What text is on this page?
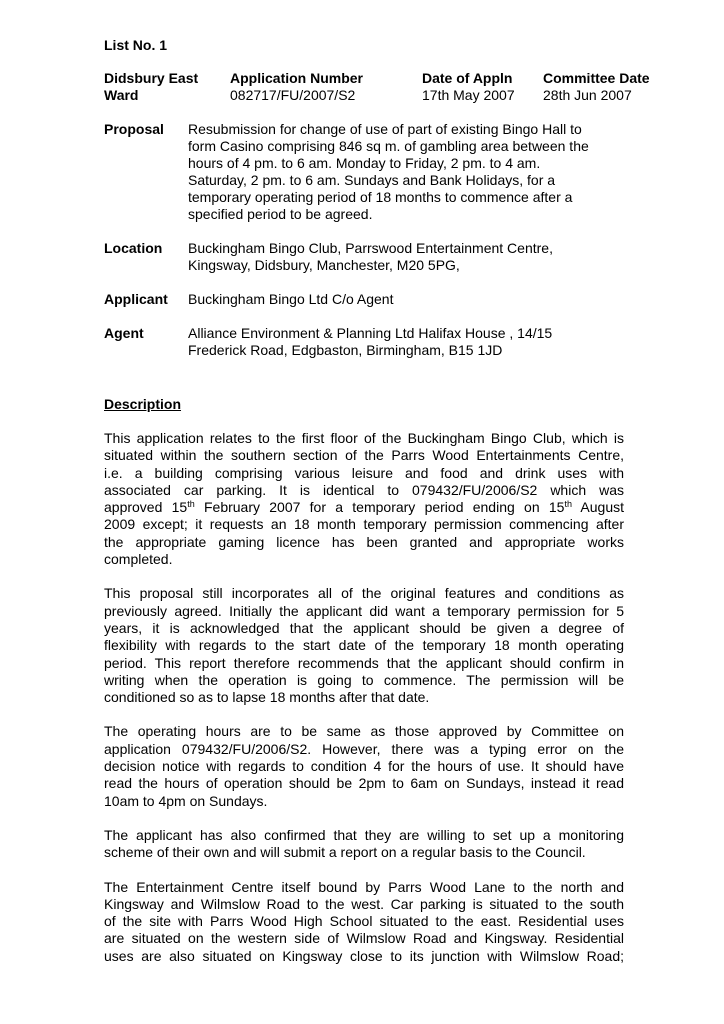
List No. 1
Didsbury East	Application Number	Date of Appln	Committee Date
Ward	082717/FU/2007/S2	17th May 2007	28th Jun 2007
Proposal	Resubmission for change of use of part of existing Bingo Hall to
form Casino comprising 846 sq m. of gambling area between the
hours of 4 pm. to 6 am. Monday to Friday, 2 pm. to 4 am.
Saturday, 2 pm. to 6 am. Sundays and Bank Holidays, for a
temporary operating period of 18 months to commence after a
specified period to be agreed.
Location	Buckingham Bingo Club, Parrswood Entertainment Centre,
Kingsway, Didsbury, Manchester, M20 5PG,
Applicant	Buckingham Bingo Ltd C/o Agent
Agent	Alliance Environment & Planning Ltd Halifax House , 14/15
Frederick Road, Edgbaston, Birmingham, B15 1JD
Description
This application relates to the first floor of the Buckingham Bingo Club, which is
situated within the southern section of the Parrs Wood Entertainments Centre,
i.e. a building comprising various leisure and food and drink uses with
associated car parking. It is identical to 079432/FU/2006/S2 which was
approved 15th February 2007 for a temporary period ending on 15th August
2009 except; it requests an 18 month temporary permission commencing after
the appropriate gaming licence has been granted and appropriate works
completed.
This proposal still incorporates all of the original features and conditions as
previously agreed. Initially the applicant did want a temporary permission for 5
years, it is acknowledged that the applicant should be given a degree of
flexibility with regards to the start date of the temporary 18 month operating
period. This report therefore recommends that the applicant should confirm in
writing when the operation is going to commence. The permission will be
conditioned so as to lapse 18 months after that date.
The operating hours are to be same as those approved by Committee on
application 079432/FU/2006/S2. However, there was a typing error on the
decision notice with regards to condition 4 for the hours of use. It should have
read the hours of operation should be 2pm to 6am on Sundays, instead it read
10am to 4pm on Sundays.
The applicant has also confirmed that they are willing to set up a monitoring
scheme of their own and will submit a report on a regular basis to the Council.
The Entertainment Centre itself bound by Parrs Wood Lane to the north and
Kingsway and Wilmslow Road to the west. Car parking is situated to the south
of the site with Parrs Wood High School situated to the east. Residential uses
are situated on the western side of Wilmslow Road and Kingsway. Residential
uses are also situated on Kingsway close to its junction with Wilmslow Road;
